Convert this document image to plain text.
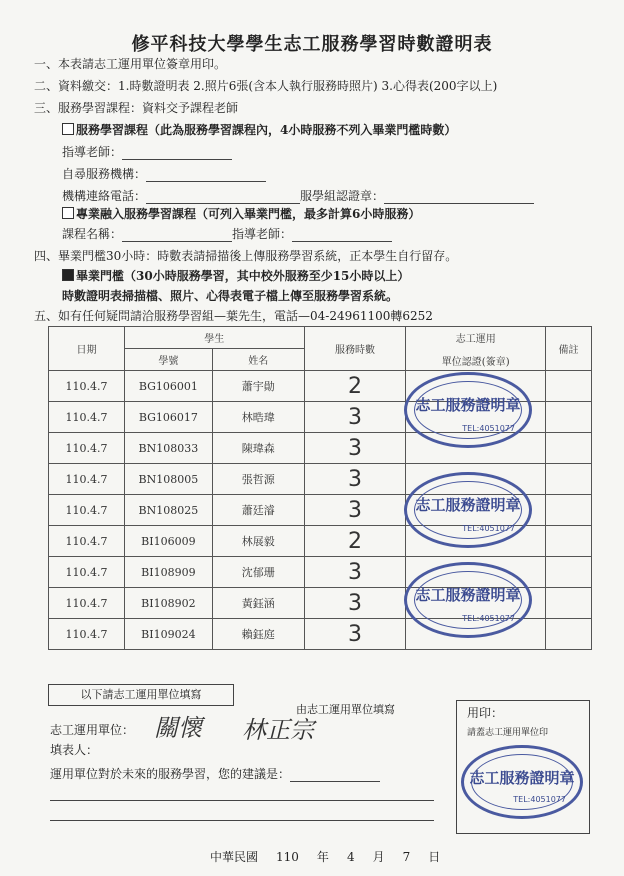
修平科技大學學生志工服務學習時數證明表
一、本表請志工運用單位簽章用印。
二、資料繳交：1.時數證明表 2.照片6張(含本人執行服務時照片) 3.心得表(200字以上)
三、服務學習課程：資料交予課程老師
服務學習課程（此為服務學習課程內，4小時服務不列入畢業門檻時數）
指導老師：
自尋服務機構：
機構連絡電話：	服學組認證章：
專業融入服務學習課程（可列入畢業門檻，最多計算6小時服務）
課程名稱：	指導老師：
四、畢業門檻30小時：時數表請掃描後上傳服務學習系統，正本學生自行留存。
畢業門檻（30小時服務學習，其中校外服務至少15小時以上）
時數證明表掃描檔、照片、心得表電子檔上傳至服務學習系統。
五、如有任何疑問請洽服務學習組—葉先生，電話—04-24961100轉6252
日期	學生		服務時數	志工運用
單位認證(簽章)	備註
	學號	姓名			
110.4.7	BG106001	蕭宇勛	2		
110.4.7	BG106017	林晧瑋	3		
110.4.7	BN108033	陳瑋森	3		
110.4.7	BN108005	張哲源	3		
110.4.7	BN108025	蕭廷濬	3		
110.4.7	BI106009	林展毅	2		
110.4.7	BI108909	沈郁珊	3		
110.4.7	BI108902	黃鈺涵	3		
110.4.7	BI109024	賴鈺庭	3		
志工服務證明章
TEL:4051077
志工服務證明章
TEL:4051077
志工服務證明章
TEL:4051077
以下請志工運用單位填寫
由志工運用單位填寫
志工運用單位：
填表人：
關懷 林正宗
運用單位對於未來的服務學習，您的建議是：
用印：
請蓋志工運用單位印
志工服務證明章
TEL:4051077
中華民國 110 年 4 月 7 日
